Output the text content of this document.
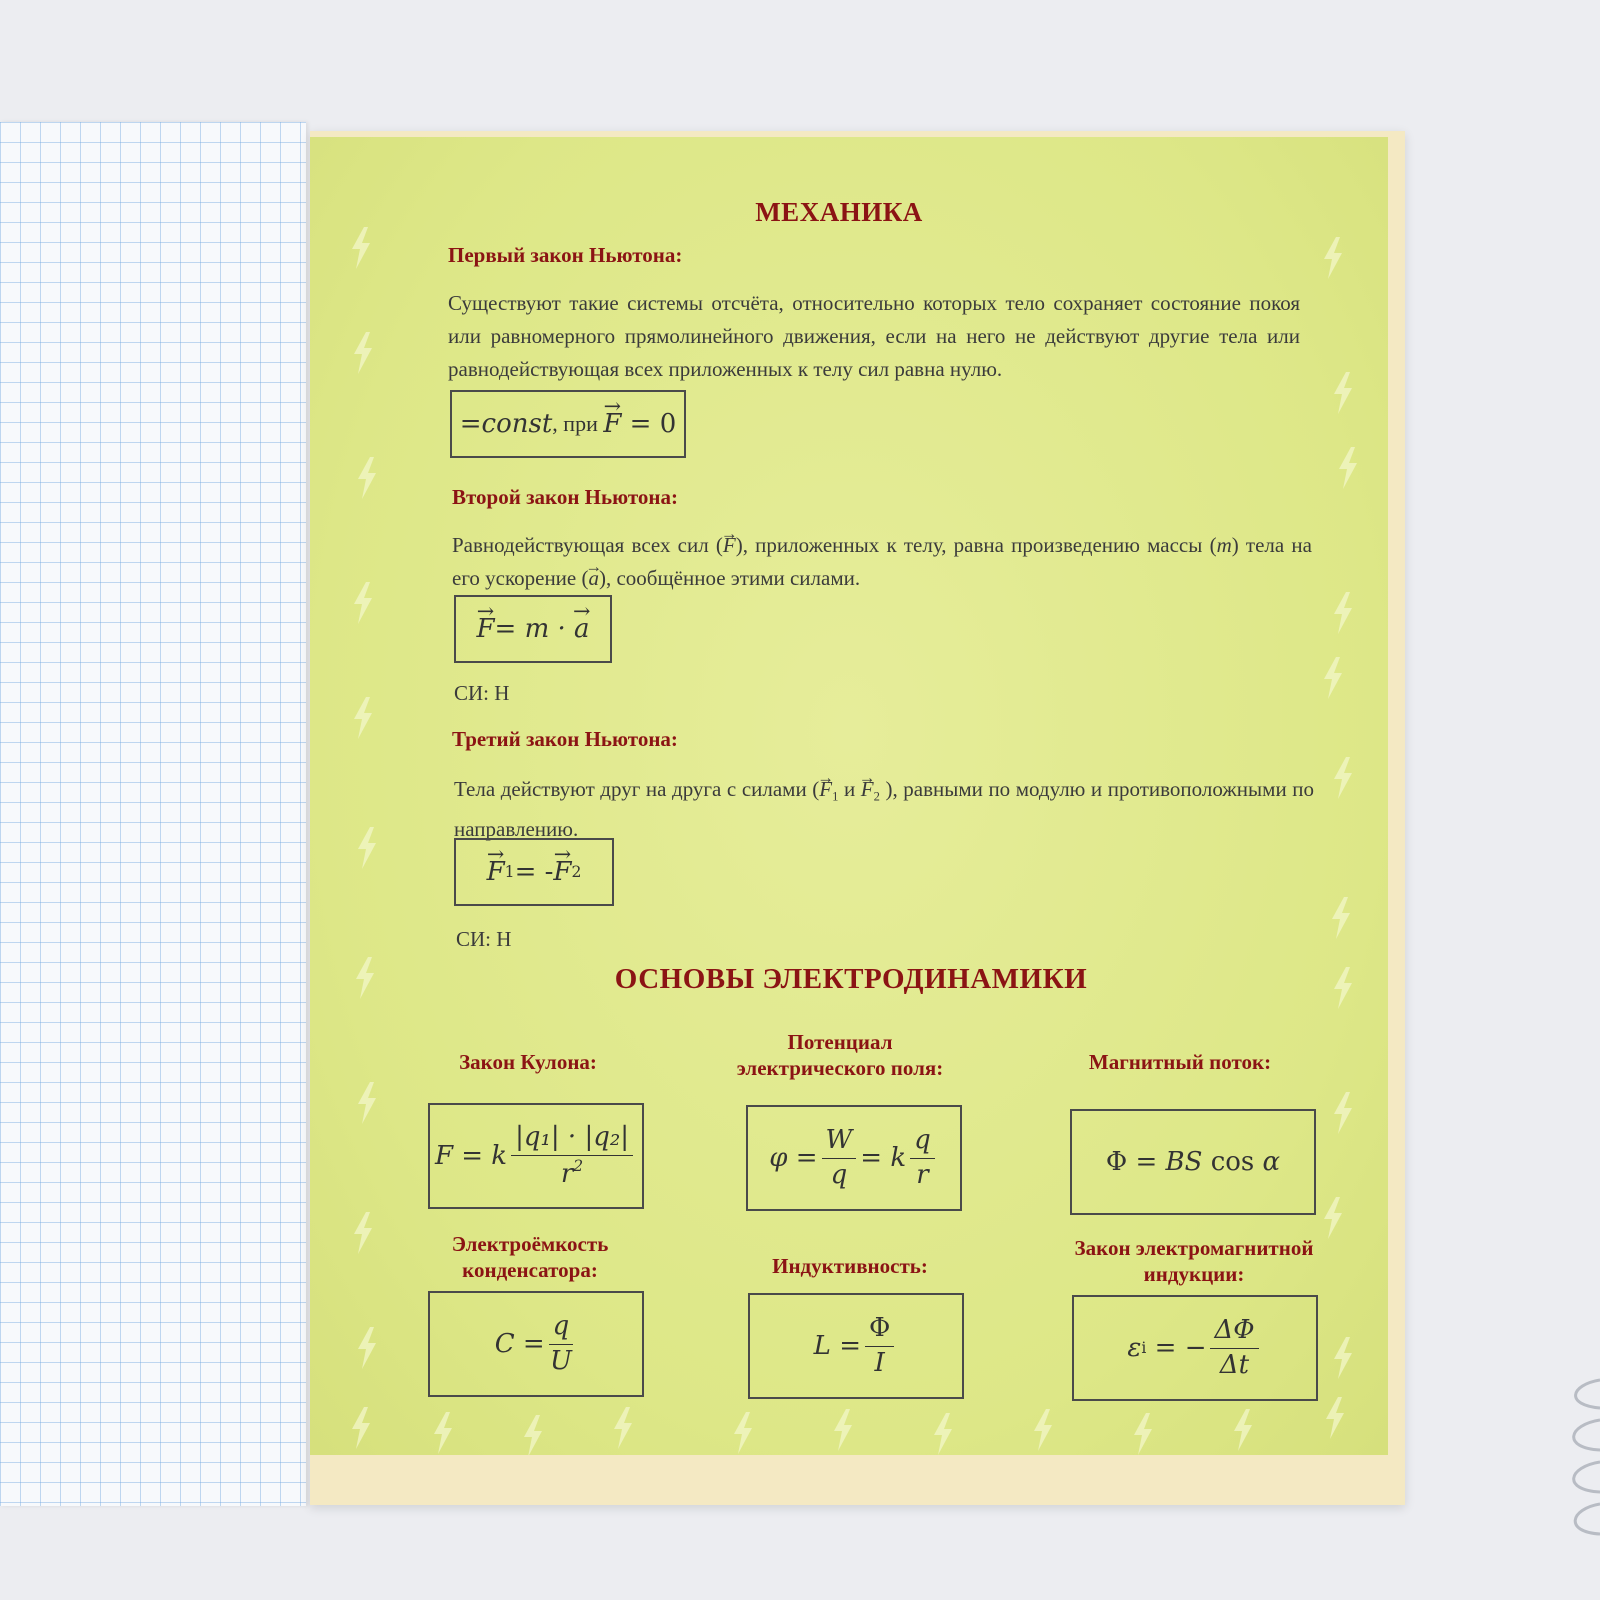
МЕХАНИКА
Первый закон Ньютона:

Существуют такие системы отсчёта, относительно которых тело сохраняет состояние покоя или равномерного прямолинейного движения, если на него не действуют другие тела или равнодействующая всех приложенных к телу сил равна нулю.

=const , при → F = 0
Второй закон Ньютона:

Равнодействующая всех сил (→ F), приложенных к телу, равна произведению массы (m) тела на его ускорение (→ a), сообщённое этими силами.

→ F = m · → a
СИ: Н
Третий закон Ньютона:

Тела действуют друг на друга с силами (→ $F_1$ $и \to F_2$ ), равными по модулю и противоположными по направлению.

→ F 1 = - → F 2
СИ: Н
ОСНОВЫ ЭЛЕКТРОДИНАМИКИ
Закон Кулона:
Потенциал
электрического поля:	Магнитный поток:
F = k $\frac{\text{|q₁| · |q₂|}}{r^2}$	$\varphi = \frac{W}{q} = k \frac{q}{r}$	Φ = BS cos α
Электроёмкость
конденсатора:	Индуктивность:
Закон электромагнитной
индукции:
$C = \frac{q}{U}$	$L = \frac{\Phi}{I}$	ε i = − $\frac{\Delta\Phi}{\Delta t}$
